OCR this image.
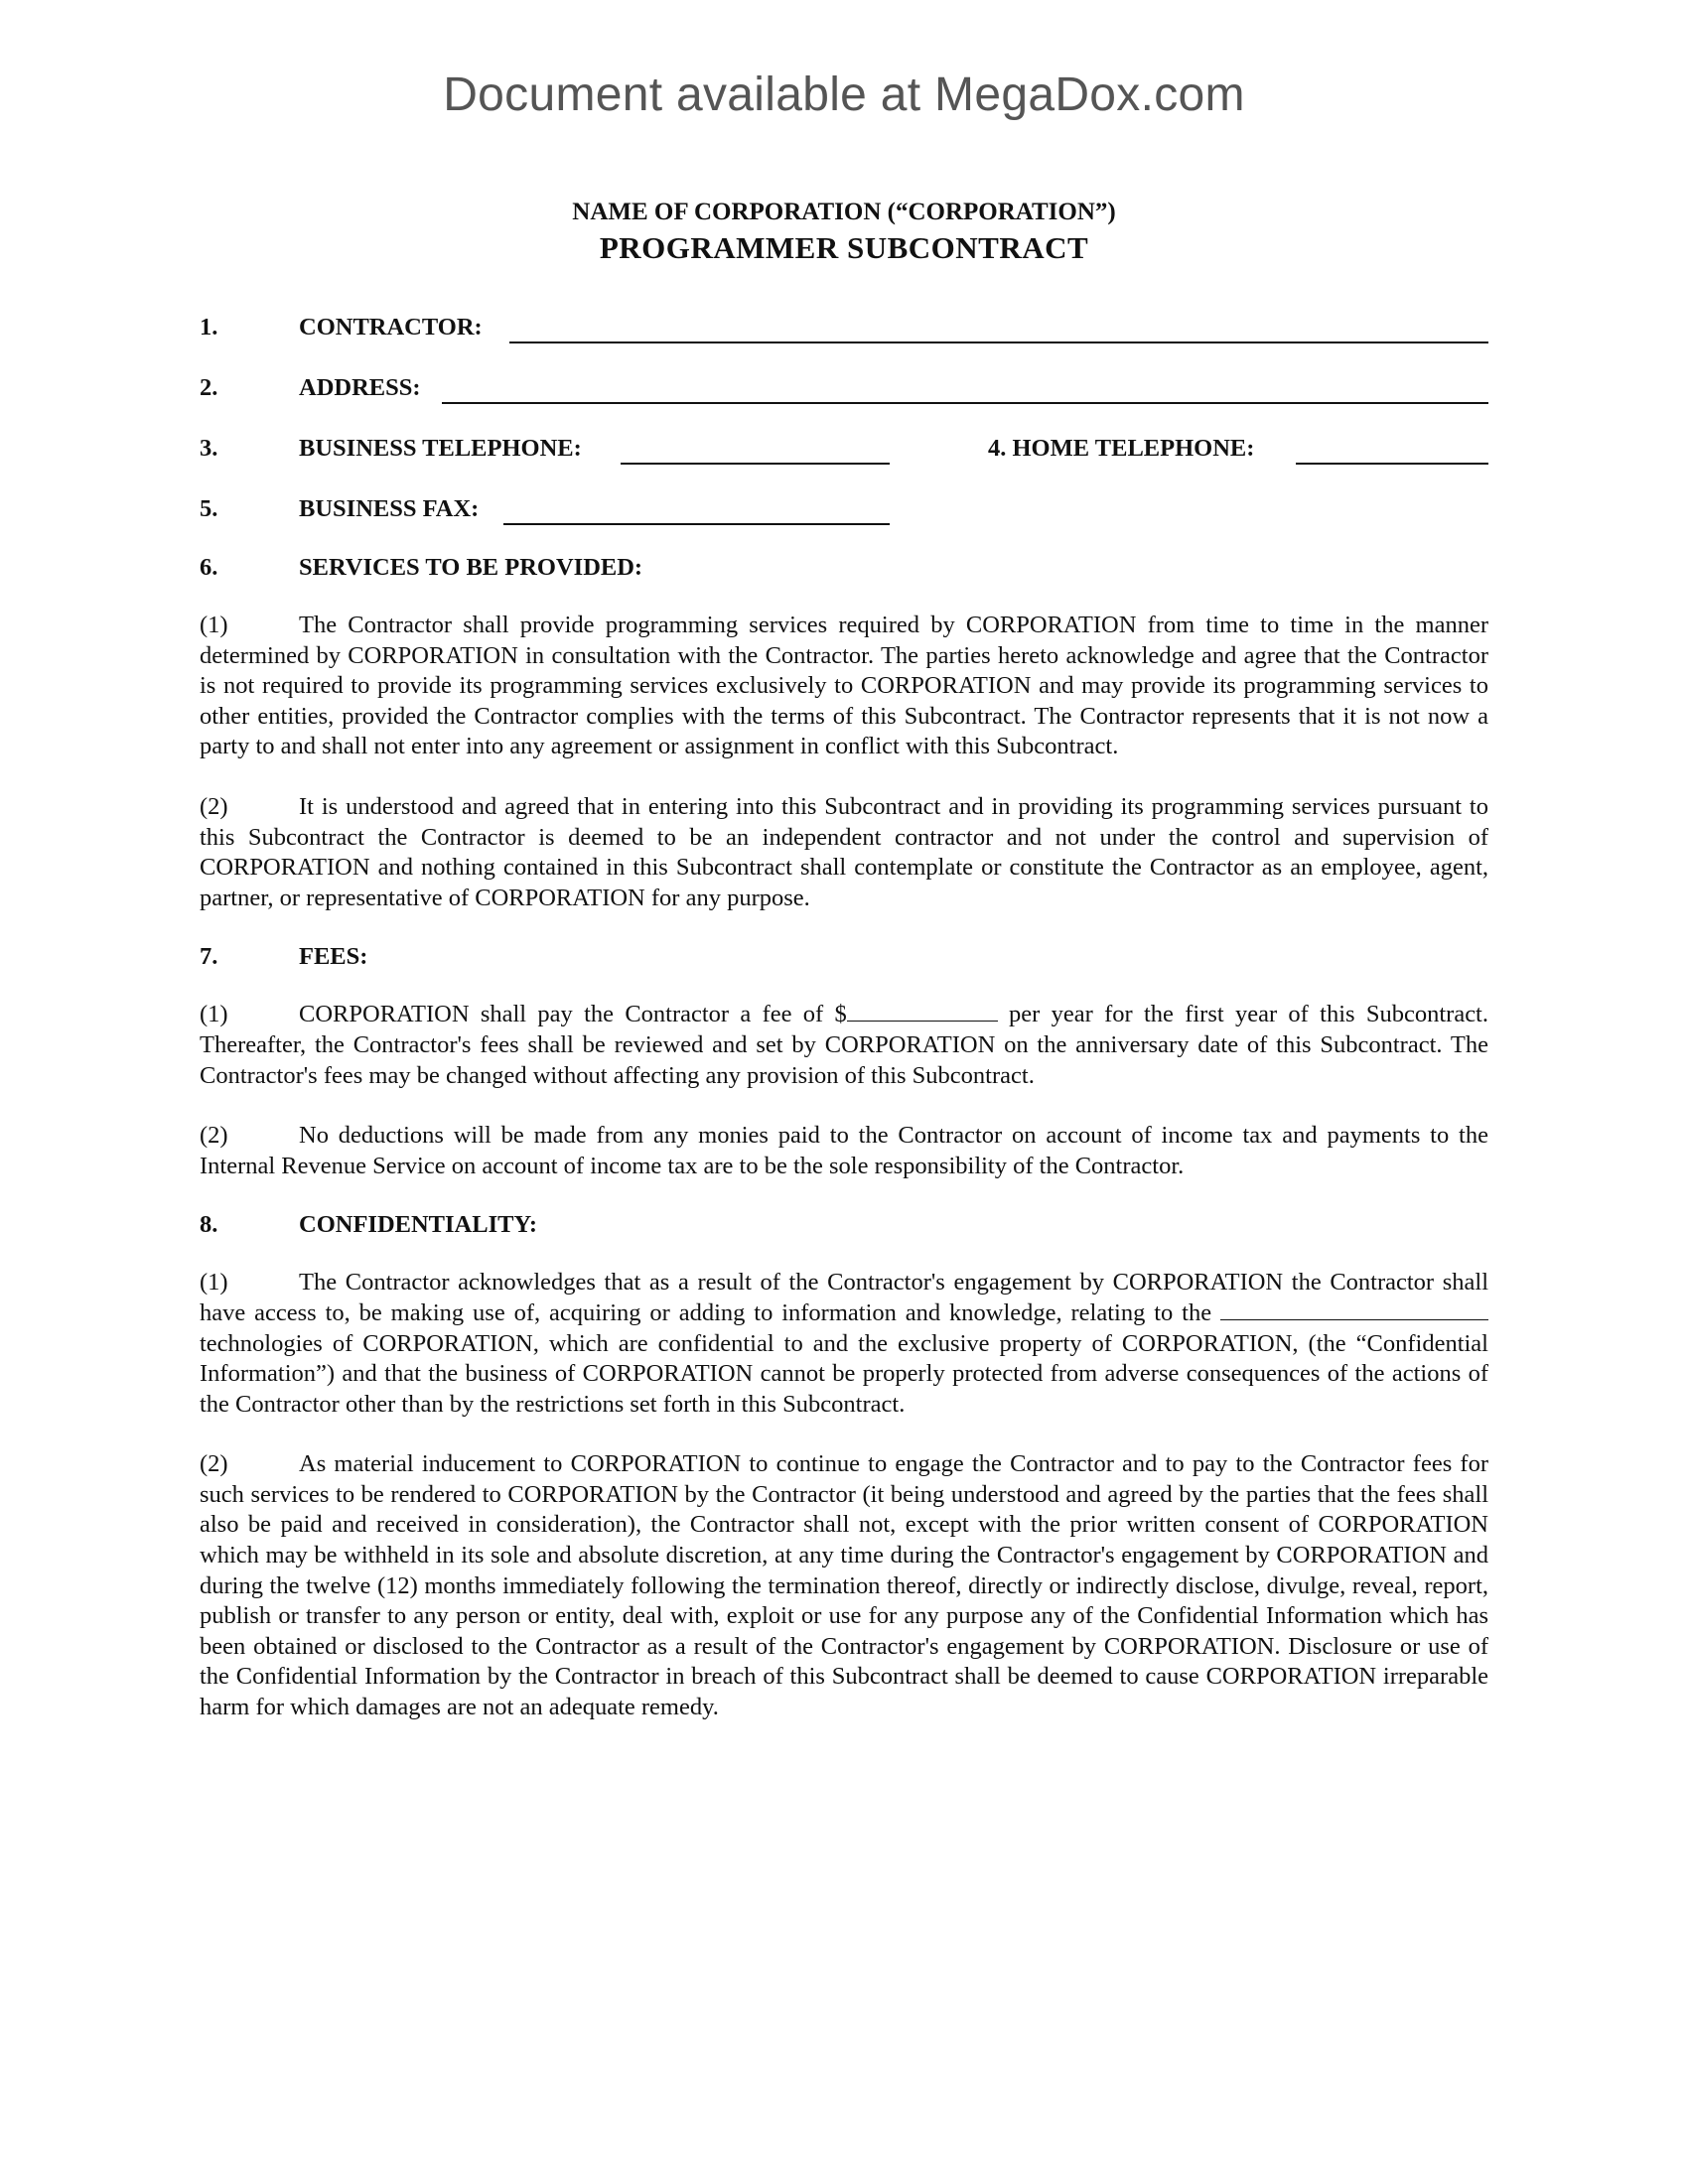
Document available at MegaDox.com
NAME OF CORPORATION (“CORPORATION”)
PROGRAMMER SUBCONTRACT
1.	CONTRACTOR:
2.	ADDRESS:
3.	BUSINESS TELEPHONE:	4. HOME TELEPHONE:
5.	BUSINESS FAX:
6.	SERVICES TO BE PROVIDED:

(1)	The Contractor shall provide programming services required by CORPORATION from time to time in the manner determined by CORPORATION in consultation with the Contractor. The parties hereto acknowledge and agree that the Contractor is not required to provide its programming services exclusively to CORPORATION and may provide its programming services to other entities, provided the Contractor complies with the terms of this Subcontract. The Contractor represents that it is not now a party to and shall not enter into any agreement or assignment in conflict with this Subcontract.

(2)	It is understood and agreed that in entering into this Subcontract and in providing its programming services pursuant to this Subcontract the Contractor is deemed to be an independent contractor and not under the control and supervision of CORPORATION and nothing contained in this Subcontract shall contemplate or constitute the Contractor as an employee, agent, partner, or representative of CORPORATION for any purpose.

7.	FEES:

(1)	CORPORATION shall pay the Contractor a fee of $	per year for the first year of this Subcontract. Thereafter, the Contractor's fees shall be reviewed and set by CORPORATION on the anniversary date of this Subcontract. The Contractor's fees may be changed without affecting any provision of this Subcontract.

(2)	No deductions will be made from any monies paid to the Contractor on account of income tax and payments to the Internal Revenue Service on account of income tax are to be the sole responsibility of the Contractor.

8.	CONFIDENTIALITY:

(1)	The Contractor acknowledges that as a result of the Contractor's engagement by CORPORATION the Contractor shall have access to, be making use of, acquiring or adding to information and knowledge, relating to the  technologies of CORPORATION, which are confidential to and the exclusive property of CORPORATION, (the “Confidential Information”) and that the business of CORPORATION cannot be properly protected from adverse consequences of the actions of the Contractor other than by the restrictions set forth in this Subcontract.

(2)	As material inducement to CORPORATION to continue to engage the Contractor and to pay to the Contractor fees for such services to be rendered to CORPORATION by the Contractor (it being understood and agreed by the parties that the fees shall also be paid and received in consideration), the Contractor shall not, except with the prior written consent of CORPORATION which may be withheld in its sole and absolute discretion, at any time during the Contractor's engagement by CORPORATION and during the twelve (12) months immediately following the termination thereof, directly or indirectly disclose, divulge, reveal, report, publish or transfer to any person or entity, deal with, exploit or use for any purpose any of the Confidential Information which has been obtained or disclosed to the Contractor as a result of the Contractor's engagement by CORPORATION. Disclosure or use of the Confidential Information by the Contractor in breach of this Subcontract shall be deemed to cause CORPORATION irreparable harm for which damages are not an adequate remedy.
